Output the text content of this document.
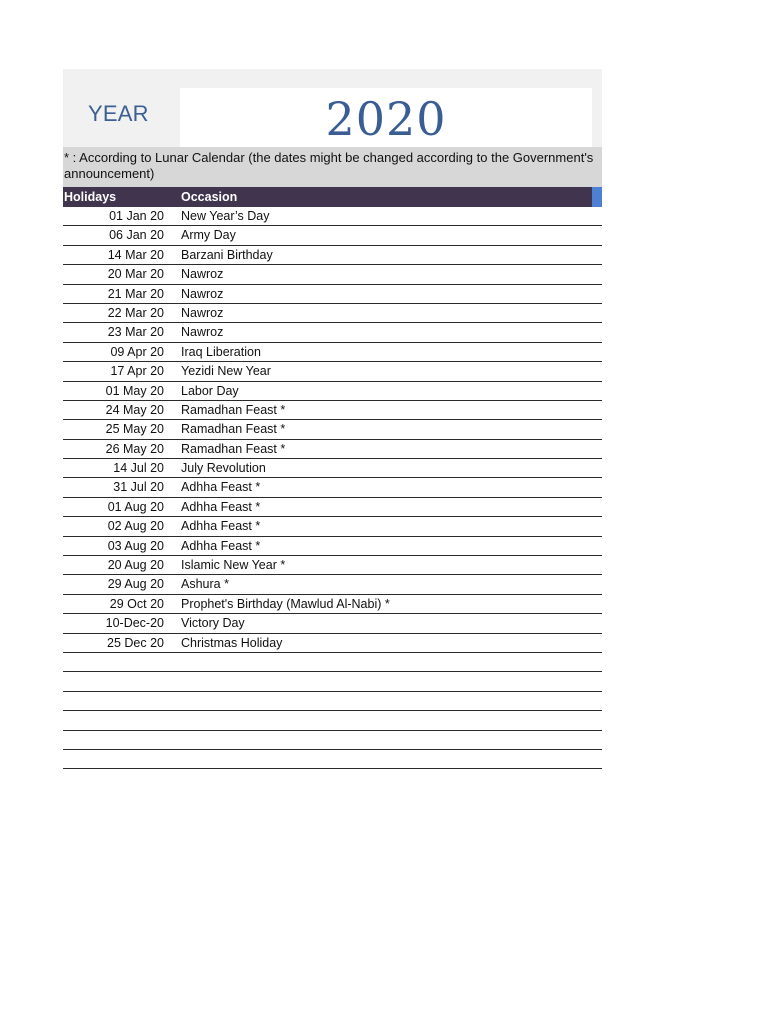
YEAR	2020
* : According to Lunar Calendar (the dates might be changed according to the Government's announcement)
Holidays	Occasion
01 Jan 20 New Year’s Day
06 Jan 20 Army Day
14 Mar 20 Barzani Birthday
20 Mar 20 Nawroz
21 Mar 20 Nawroz
22 Mar 20 Nawroz
23 Mar 20 Nawroz
09 Apr 20 Iraq Liberation
17 Apr 20 Yezidi New Year
01 May 20 Labor Day
24 May 20 Ramadhan Feast *
25 May 20 Ramadhan Feast *
26 May 20 Ramadhan Feast *
14 Jul 20 July Revolution
31 Jul 20 Adhha Feast *
01 Aug 20 Adhha Feast *
02 Aug 20 Adhha Feast *
03 Aug 20 Adhha Feast *
20 Aug 20 Islamic New Year *
29 Aug 20 Ashura *
29 Oct 20 Prophet's Birthday (Mawlud Al-Nabi) *
10-Dec-20 Victory Day
25 Dec 20 Christmas Holiday
